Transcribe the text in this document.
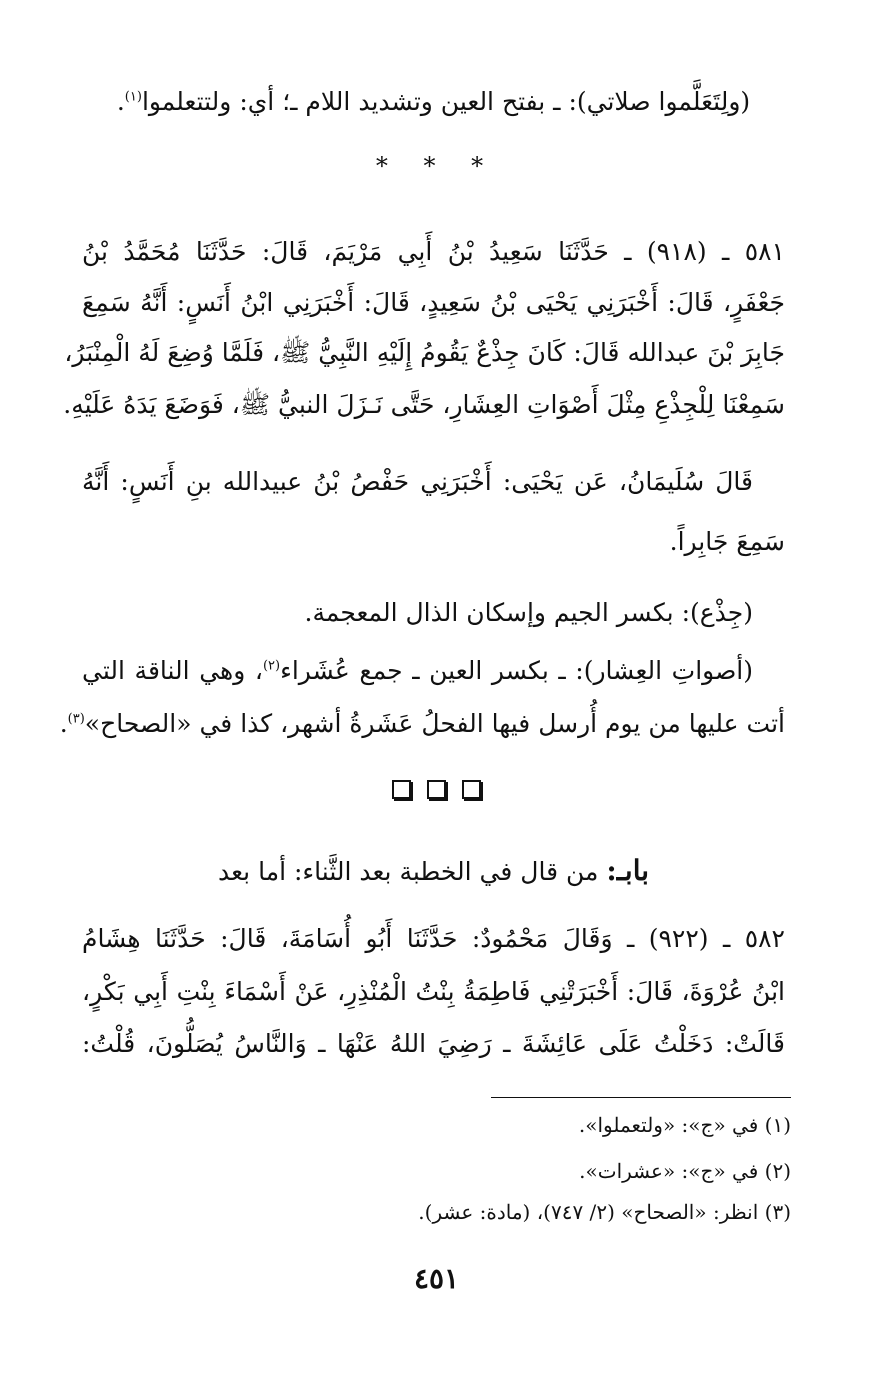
(ولِتَعَلَّموا صلاتي): ـ بفتح العين وتشديد اللام ـ؛ أي: ولتتعلموا$^{(١)}$.
* * *
٥٨١ ـ (٩١٨) ـ حَدَّثَنَا سَعِيدُ بْنُ أَبِي مَرْيَمَ، قَالَ: حَدَّثَنَا مُحَمَّدُ بْنُ
جَعْفَرٍ، قَالَ: أَخْبَرَنِي يَحْيَى بْنُ سَعِيدٍ، قَالَ: أَخْبَرَنِي ابْنُ أَنَسٍ: أَنَّهُ سَمِعَ
جَابِرَ بْنَ عبدالله قَالَ: كَانَ جِذْعٌ يَقُومُ إِلَيْهِ النَّبِيُّ ﷺ، فَلَمَّا وُضِعَ لَهُ الْمِنْبَرُ،
سَمِعْنَا لِلْجِذْعِ مِثْلَ أَصْوَاتِ العِشَارِ، حَتَّى نَـزَلَ النبيُّ ﷺ، فَوَضَعَ يَدَهُ عَلَيْهِ.
قَالَ سُلَيمَانُ، عَن يَحْيَى: أَخْبَرَنِي حَفْصُ بْنُ عبيدالله بنِ أَنَسٍ: أَنَّهُ
سَمِعَ جَابِراً.
(جِذْع): بكسر الجيم وإسكان الذال المعجمة.
(أصواتِ العِشار): ـ بكسر العين ـ جمع عُشَراء$^{(٢)}$، وهي الناقة التي
أتت عليها من يوم أُرسل فيها الفحلُ عَشَرةُ أشهر، كذا في «الصحاح»$^{(٣)}$.
بابـ: من قال في الخطبة بعد الثَّناء: أما بعد
٥٨٢ ـ (٩٢٢) ـ وَقَالَ مَحْمُودٌ: حَدَّثَنَا أَبُو أُسَامَةَ، قَالَ: حَدَّثَنَا هِشَامُ
ابْنُ عُرْوَةَ، قَالَ: أَخْبَرَتْنِي فَاطِمَةُ بِنْتُ الْمُنْذِرِ، عَنْ أَسْمَاءَ بِنْتِ أَبِي بَكْرٍ،
قَالَتْ: دَخَلْتُ عَلَى عَائِشَةَ ـ رَضِيَ اللهُ عَنْهَا ـ وَالنَّاسُ يُصَلُّونَ، قُلْتُ:
(١) في «ج»: «ولتعملوا».
(٢) في «ج»: «عشرات».
(٣) انظر: «الصحاح» (٢/ ٧٤٧)، (مادة: عشر).
٤٥١
